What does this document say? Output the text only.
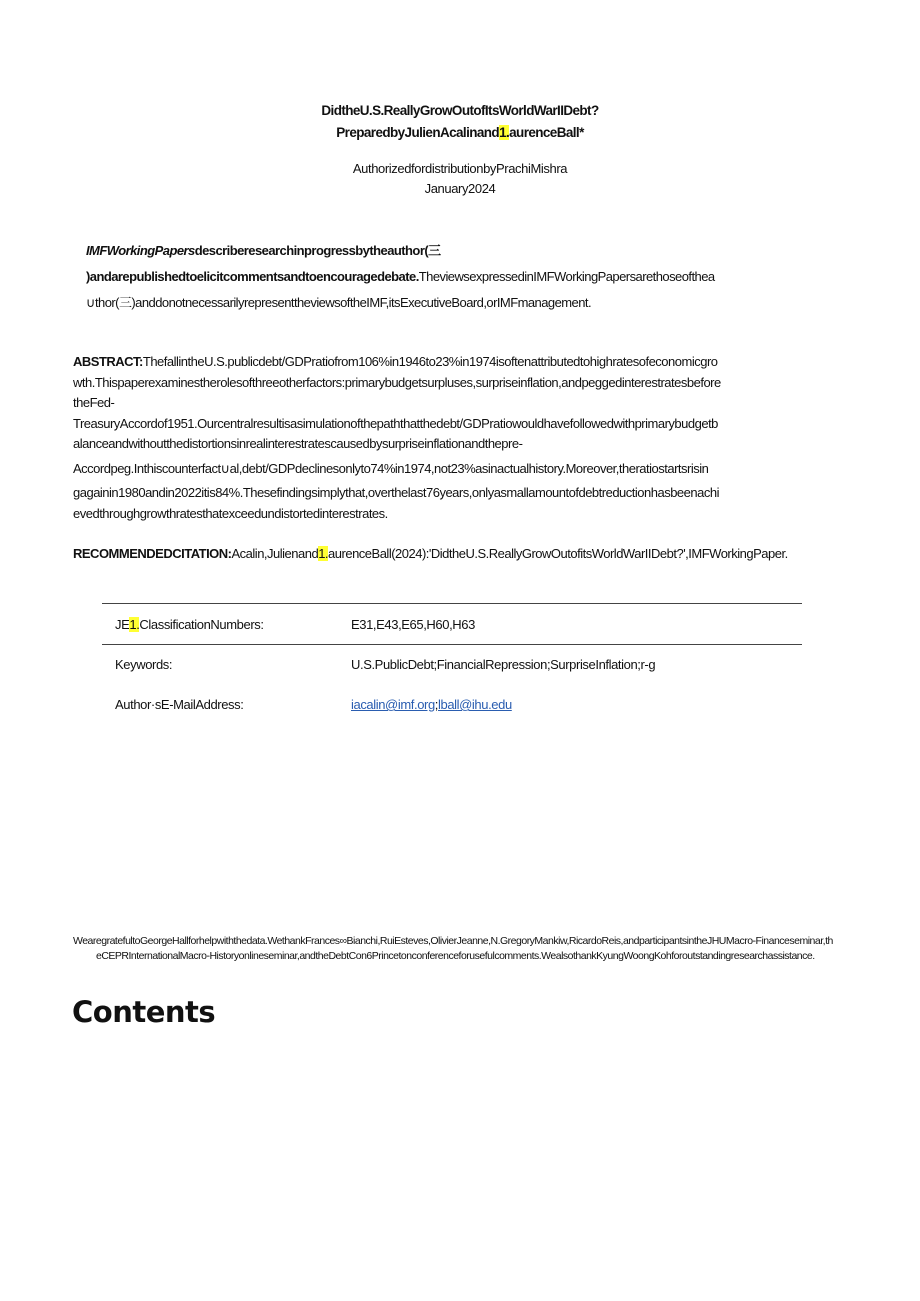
DidtheU.S.ReallyGrowOutofItsWorldWarIIDebt?
PreparedbyJulienAcalinand1.aurenceBall*
AuthorizedfordistributionbyPrachiMishra
January2024
IMFWorkingPapersdescriberesearchinprogressbytheauthor(三
)andarepublishedtoelicitcommentsandtoencouragedebate.TheviewsexpressedinIMFWorkingPapersarethoseofthea
∪thor(三)anddonotnecessarilyrepresenttheviewsoftheIMF,itsExecutiveBoard,orIMFmanagement.
ABSTRACT:ThefallintheU.S.publicdebt/GDPratiofrom106%in1946to23%in1974isoftenattributedtohighratesofeconomicgro
wth.Thispaperexaminestherolesofthreeotherfactors:primarybudgetsurpluses,surpriseinflation,andpeggedinterestratesbefore
theFed-
TreasuryAccordof1951.Ourcentralresultisasimulationofthepaththatthedebt/GDPratiowouldhavefollowedwithprimarybudgetb
alanceandwithoutthedistortionsinrealinterestratescausedbysurpriseinflationandthepre-
Accordpeg.Inthiscounterfact∪al,debt/GDPdeclinesonlyto74%in1974,not23%asinactualhistory.Moreover,theratiostartsrisin
gagainin1980andin2022itis84%.Thesefindingsimplythat,overthelast76years,onlyasmallamountofdebtreductionhasbeenachi
evedthroughgrowthratesthatexceedundistortedinterestrates.
RECOMMENDEDCITATION:Acalin,Julienand1.aurenceBall(2024):'DidtheU.S.ReallyGrowOutofitsWorldWarIIDebt?',IMFWorkingPaper.
JE1.ClassificationNumbers:	E31,E43,E65,H60,H63
Keywords:	U.S.PublicDebt;FinancialRepression;SurpriseInflation;r-g
Author·sE-MailAddress:	iacalin@imf.org;lball@ihu.edu
WearegratefultoGeorgeHallforhelpwiththedata.WethankFrances∞Bianchi,RuiEsteves,OlivierJeanne,N.GregoryMankiw,RicardoReis,andparticipantsintheJHUMacro-Financeseminar,theCEPRInternationalMacro-Historyonlineseminar,andtheDebtCon6Princetonconferenceforusefulcomments.WealsothankKyungWoongKohforoutstandingresearchassistance.
Contents
